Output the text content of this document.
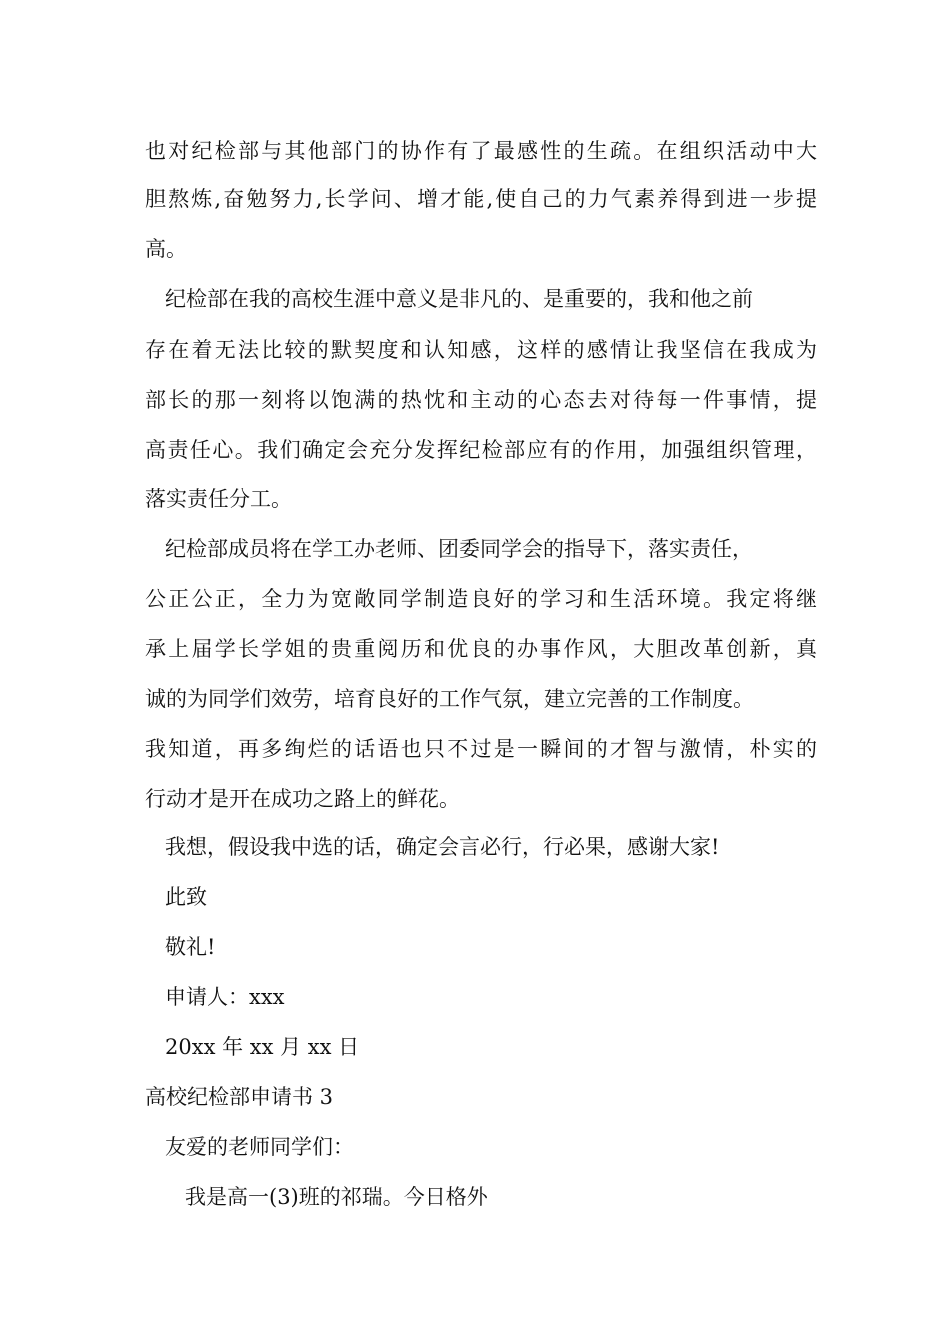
也对纪检部与其他部门的协作有了最感性的生疏。在组织活动中大

胆熬炼,奋勉努力,长学问、增才能,使自己的力气素养得到进一步提

高。

纪检部在我的高校生涯中意义是非凡的、是重要的，我和他之前

存在着无法比较的默契度和认知感，这样的感情让我坚信在我成为

部长的那一刻将以饱满的热忱和主动的心态去对待每一件事情，提

高责任心。我们确定会充分发挥纪检部应有的作用，加强组织管理，

落实责任分工。

纪检部成员将在学工办老师、团委同学会的指导下，落实责任，

公正公正，全力为宽敞同学制造良好的学习和生活环境。我定将继

承上届学长学姐的贵重阅历和优良的办事作风，大胆改革创新，真

诚的为同学们效劳，培育良好的工作气氛，建立完善的工作制度。

我知道，再多绚烂的话语也只不过是一瞬间的才智与激情，朴实的

行动才是开在成功之路上的鲜花。

我想，假设我中选的话，确定会言必行，行必果，感谢大家!

此致

敬礼!

申请人：xxx

20xx 年 xx 月 xx 日

高校纪检部申请书 3

友爱的老师同学们：

我是高一(3)班的祁瑞。今日格外
